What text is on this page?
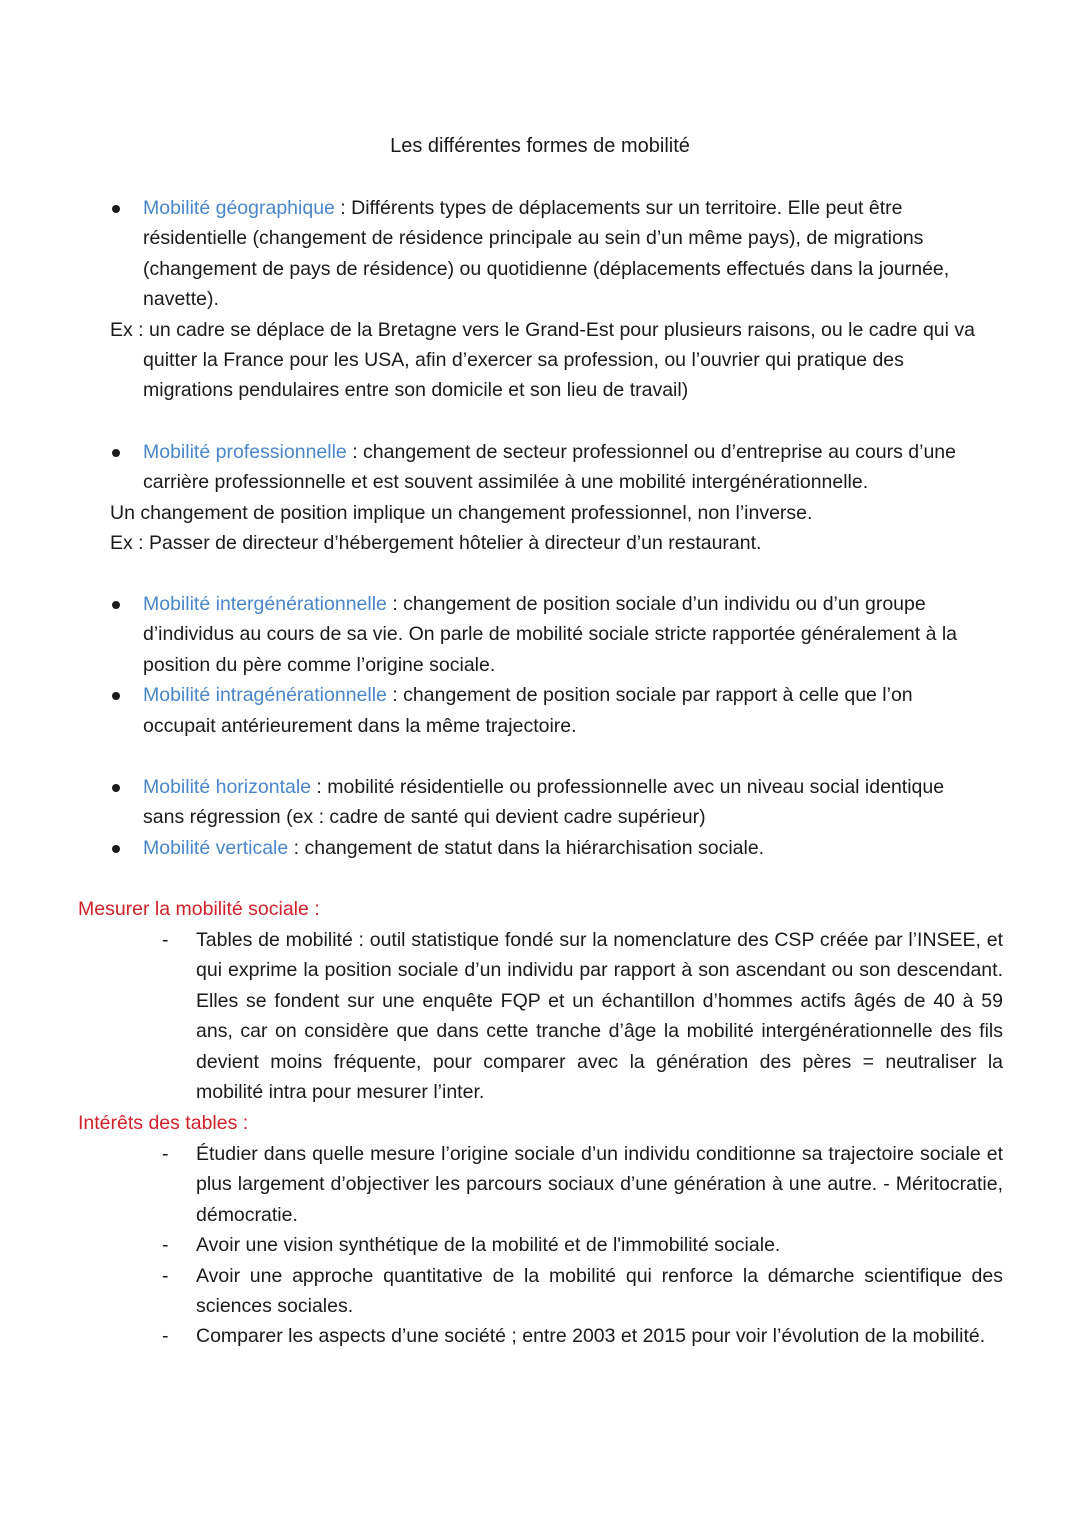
Les différentes formes de mobilité
Mobilité géographique : Différents types de déplacements sur un territoire. Elle peut être résidentielle (changement de résidence principale au sein d’un même pays), de migrations (changement de pays de résidence) ou quotidienne (déplacements effectués dans la journée, navette).
Ex : un cadre se déplace de la Bretagne vers le Grand-Est pour plusieurs raisons, ou le cadre qui va quitter la France pour les USA, afin d’exercer sa profession, ou l’ouvrier qui pratique des migrations pendulaires entre son domicile et son lieu de travail)
Mobilité professionnelle : changement de secteur professionnel ou d’entreprise au cours d’une carrière professionnelle et est souvent assimilée à une mobilité intergénérationnelle.
Un changement de position implique un changement professionnel, non l’inverse.
Ex : Passer de directeur d’hébergement hôtelier à directeur d’un restaurant.
Mobilité intergénérationnelle : changement de position sociale d’un individu ou d’un groupe d’individus au cours de sa vie. On parle de mobilité sociale stricte rapportée généralement à la position du père comme l’origine sociale.
Mobilité intragénérationnelle : changement de position sociale par rapport à celle que l’on occupait antérieurement dans la même trajectoire.
Mobilité horizontale : mobilité résidentielle ou professionnelle avec un niveau social identique sans régression (ex : cadre de santé qui devient cadre supérieur)
Mobilité verticale : changement de statut dans la hiérarchisation sociale.
Mesurer la mobilité sociale :
- Tables de mobilité : outil statistique fondé sur la nomenclature des CSP créée par l’INSEE, et qui exprime la position sociale d’un individu par rapport à son ascendant ou son descendant. Elles se fondent sur une enquête FQP et un échantillon d’hommes actifs âgés de 40 à 59 ans, car on considère que dans cette tranche d’âge la mobilité intergénérationnelle des fils devient moins fréquente, pour comparer avec la génération des pères = neutraliser la mobilité intra pour mesurer l’inter.
Intérêts des tables :
- Étudier dans quelle mesure l’origine sociale d’un individu conditionne sa trajectoire sociale et plus largement d’objectiver les parcours sociaux d’une génération à une autre. - Méritocratie, démocratie.
- Avoir une vision synthétique de la mobilité et de l'immobilité sociale.
- Avoir une approche quantitative de la mobilité qui renforce la démarche scientifique des sciences sociales.
- Comparer les aspects d’une société ; entre 2003 et 2015 pour voir l’évolution de la mobilité.
